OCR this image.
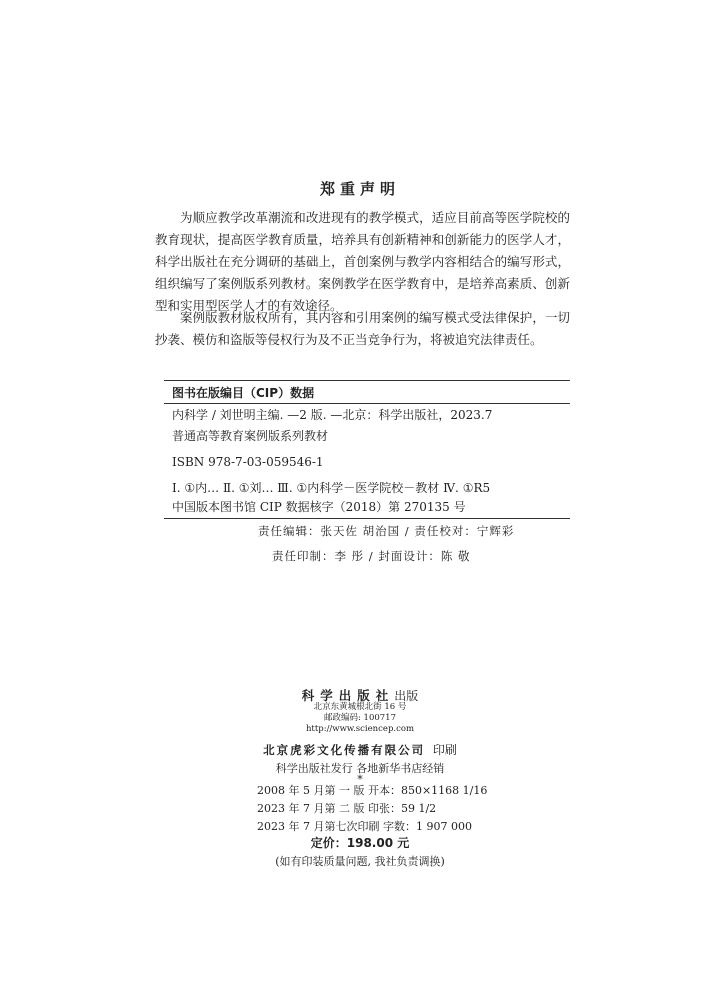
郑重声明

为顺应教学改革潮流和改进现有的教学模式，适应目前高等医学院校的教育现状，提高医学教育质量，培养具有创新精神和创新能力的医学人才，科学出版社在充分调研的基础上，首创案例与教学内容相结合的编写形式，组织编写了案例版系列教材。案例教学在医学教育中，是培养高素质、创新型和实用型医学人才的有效途径。

案例版教材版权所有，其内容和引用案例的编写模式受法律保护，一切抄袭、模仿和盗版等侵权行为及不正当竞争行为，将被追究法律责任。

图书在版编目（CIP）数据
内科学 / 刘世明主编. —2 版. —北京：科学出版社，2023.7
普通高等教育案例版系列教材
ISBN 978-7-03-059546-1
Ⅰ. ①内… Ⅱ. ①刘… Ⅲ. ①内科学－医学院校－教材 Ⅳ. ①R5
中国版本图书馆 CIP 数据核字（2018）第 270135 号
责任编辑：张天佐 胡治国 / 责任校对：宁辉彩
责任印制：李 彤 / 封面设计：陈 敬
科学出版社出版
北京东黄城根北街 16 号
邮政编码: 100717
http://www.sciencep.com
北京虎彩文化传播有限公司 印刷
科学出版社发行 各地新华书店经销
*
2008 年 5 月第 一 版 开本：850×1168 1/16
2023 年 7 月第 二 版 印张：59 1/2
2023 年 7 月第七次印刷 字数：1 907 000
定价：198.00 元
(如有印装质量问题, 我社负责调换)
